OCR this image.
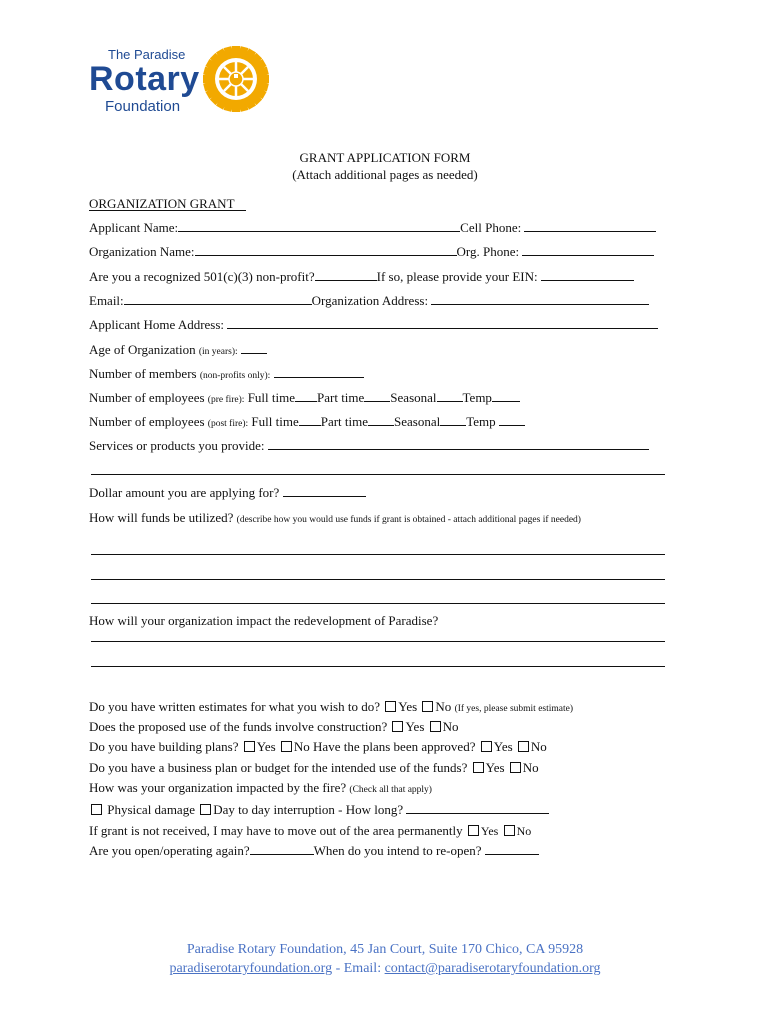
The Paradise
Rotary
Foundation
GRANT APPLICATION FORM
(Attach additional pages as needed)
ORGANIZATION GRANT
Applicant Name:	Cell Phone:
Organization Name:	Org. Phone:
Are you a recognized 501(c)(3) non-profit?	If so, please provide your EIN:
Email:	Organization Address:
Applicant Home Address:
Age of Organization (in years):
Number of members (non-profits only):
Number of employees (pre fire): Full time Part time Seasonal Temp
Number of employees (post fire): Full time Part time Seasonal Temp
Services or products you provide:
Dollar amount you are applying for?
How will funds be utilized? (describe how you would use funds if grant is obtained - attach additional pages if needed)
How will your organization impact the redevelopment of Paradise?
Do you have written estimates for what you wish to do? Yes No (If yes, please submit estimate)
Does the proposed use of the funds involve construction? Yes No
Do you have building plans? Yes No Have the plans been approved? Yes No
Do you have a business plan or budget for the intended use of the funds? Yes No
How was your organization impacted by the fire? (Check all that apply)
Physical damage Day to day interruption - How long?
If grant is not received, I may have to move out of the area permanently Yes No
Are you open/operating again?	When do you intend to re-open?
Paradise Rotary Foundation, 45 Jan Court, Suite 170 Chico, CA 95928
paradiserotaryfoundation.org - Email: contact@paradiserotaryfoundation.org
